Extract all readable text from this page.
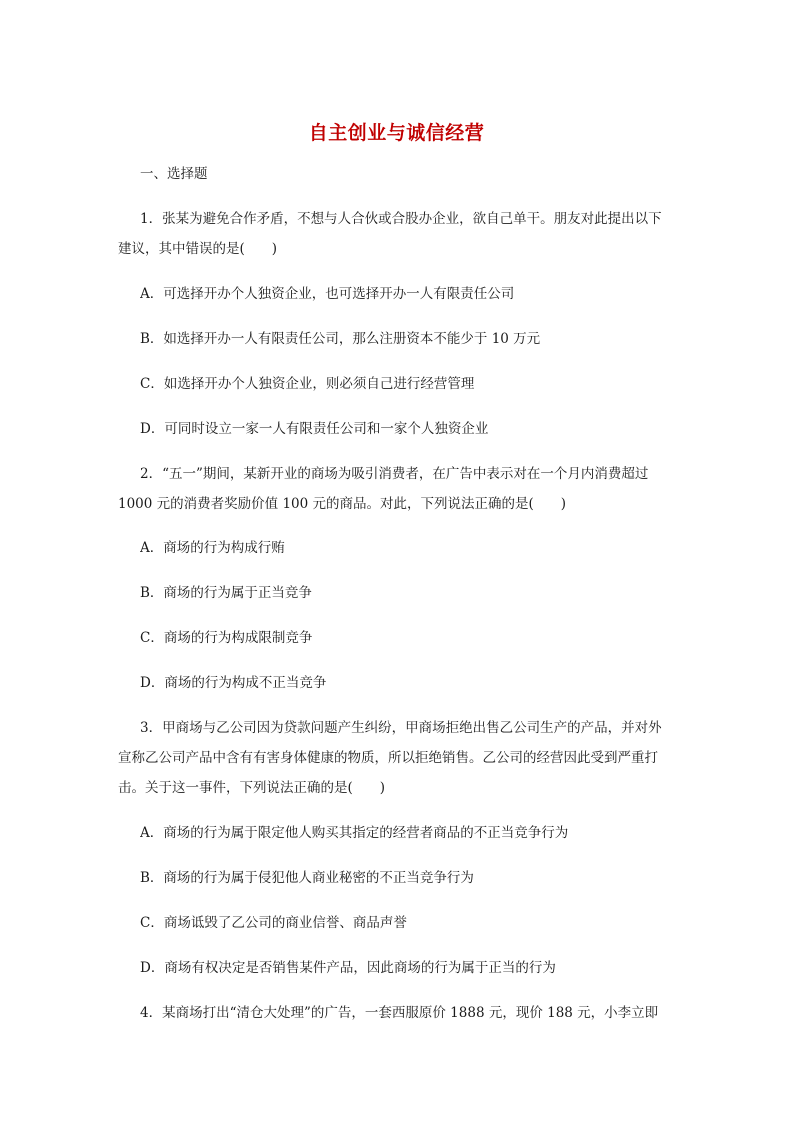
自主创业与诚信经营
一、选择题
1．张某为避免合作矛盾，不想与人合伙或合股办企业，欲自己单干。朋友对此提出以下
建议，其中错误的是(　　)
A．可选择开办个人独资企业，也可选择开办一人有限责任公司
B．如选择开办一人有限责任公司，那么注册资本不能少于 10 万元
C．如选择开办个人独资企业，则必须自己进行经营管理
D．可同时设立一家一人有限责任公司和一家个人独资企业
2．“五一”期间，某新开业的商场为吸引消费者，在广告中表示对在一个月内消费超过
1000 元的消费者奖励价值 100 元的商品。对此，下列说法正确的是(　　)
A．商场的行为构成行贿
B．商场的行为属于正当竞争
C．商场的行为构成限制竞争
D．商场的行为构成不正当竞争
3．甲商场与乙公司因为贷款问题产生纠纷，甲商场拒绝出售乙公司生产的产品，并对外
宣称乙公司产品中含有有害身体健康的物质，所以拒绝销售。乙公司的经营因此受到严重打
击。关于这一事件，下列说法正确的是(　　)
A．商场的行为属于限定他人购买其指定的经营者商品的不正当竞争行为
B．商场的行为属于侵犯他人商业秘密的不正当竞争行为
C．商场诋毁了乙公司的商业信誉、商品声誉
D．商场有权决定是否销售某件产品，因此商场的行为属于正当的行为
4．某商场打出“清仓大处理”的广告，一套西服原价 1888 元，现价 188 元，小李立即
